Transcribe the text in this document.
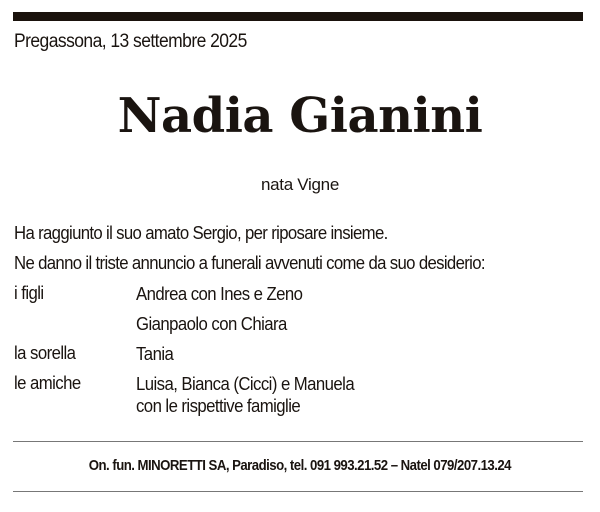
Pregassona, 13 settembre 2025
Nadia Gianini
nata Vigne
Ha raggiunto il suo amato Sergio, per riposare insieme.
Ne danno il triste annuncio a funerali avvenuti come da suo desiderio:
i figli	Andrea con Ines e Zeno
Gianpaolo con Chiara
la sorella	Tania
le amiche	Luisa, Bianca (Cicci) e Manuela
con le rispettive famiglie
On. fun. MINORETTI SA, Paradiso, tel. 091 993.21.52 – Natel 079/207.13.24
